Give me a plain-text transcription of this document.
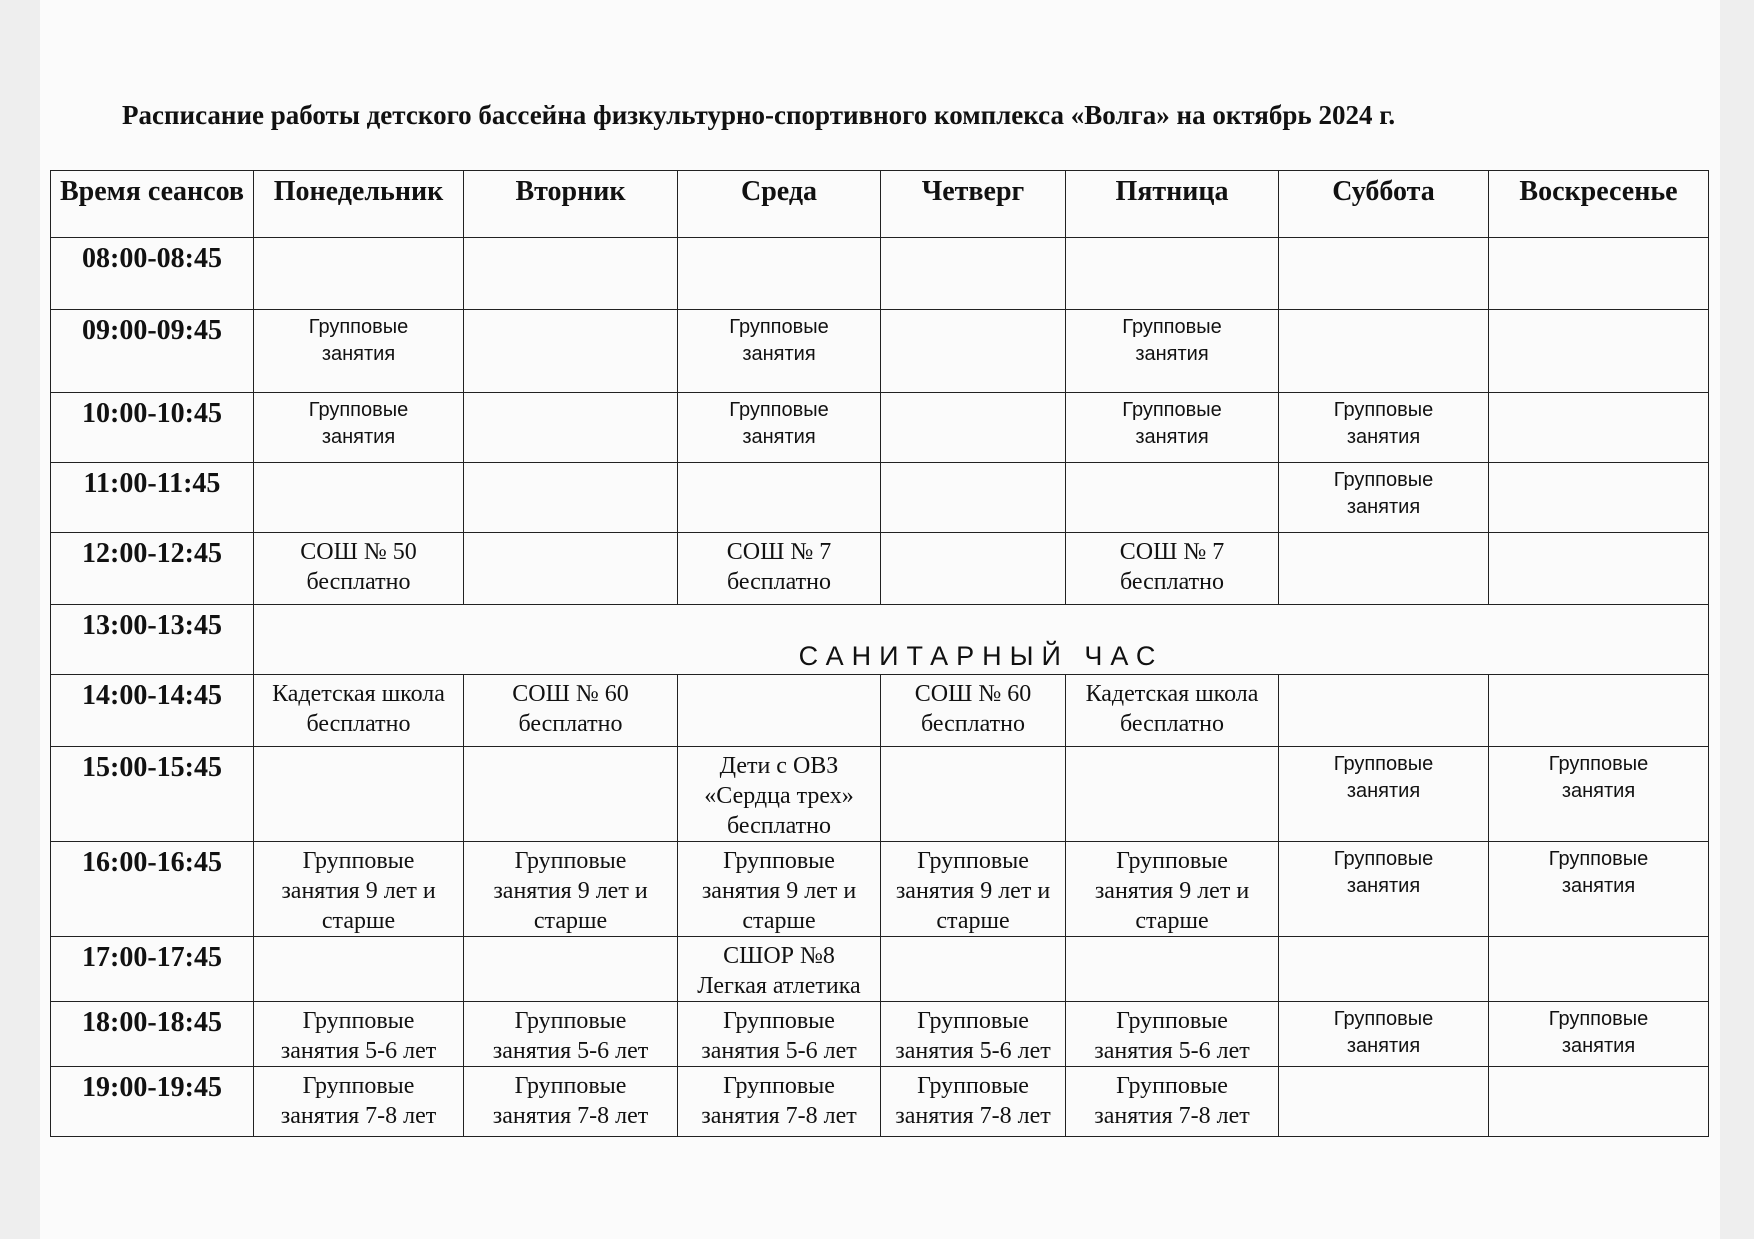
Расписание работы детского бассейна физкультурно-спортивного комплекса «Волга» на октябрь 2024 г.
Время сеансов	Понедельник	Вторник	Среда	Четверг	Пятница	Суббота	Воскресенье
08:00-08:45							
09:00-09:45	Групповые
занятия		Групповые
занятия		Групповые
занятия		
10:00-10:45	Групповые
занятия		Групповые
занятия		Групповые
занятия	Групповые
занятия	
11:00-11:45						Групповые
занятия	
12:00-12:45	СОШ № 50
бесплатно		СОШ № 7
бесплатно		СОШ № 7
бесплатно		
13:00-13:45	САНИТАРНЫЙ ЧАС						
14:00-14:45	Кадетская школа
бесплатно	СОШ № 60
бесплатно		СОШ № 60
бесплатно	Кадетская школа
бесплатно		
15:00-15:45			Дети с ОВЗ
«Сердца трех»
бесплатно			Групповые
занятия	Групповые
занятия
16:00-16:45	Групповые
занятия 9 лет и
старше	Групповые
занятия 9 лет и
старше	Групповые
занятия 9 лет и
старше	Групповые
занятия 9 лет и
старше	Групповые
занятия 9 лет и
старше	Групповые
занятия	Групповые
занятия
17:00-17:45			СШОР №8
Легкая атлетика				
18:00-18:45	Групповые
занятия 5-6 лет	Групповые
занятия 5-6 лет	Групповые
занятия 5-6 лет	Групповые
занятия 5-6 лет	Групповые
занятия 5-6 лет	Групповые
занятия	Групповые
занятия
19:00-19:45	Групповые
занятия 7-8 лет	Групповые
занятия 7-8 лет	Групповые
занятия 7-8 лет	Групповые
занятия 7-8 лет	Групповые
занятия 7-8 лет		
